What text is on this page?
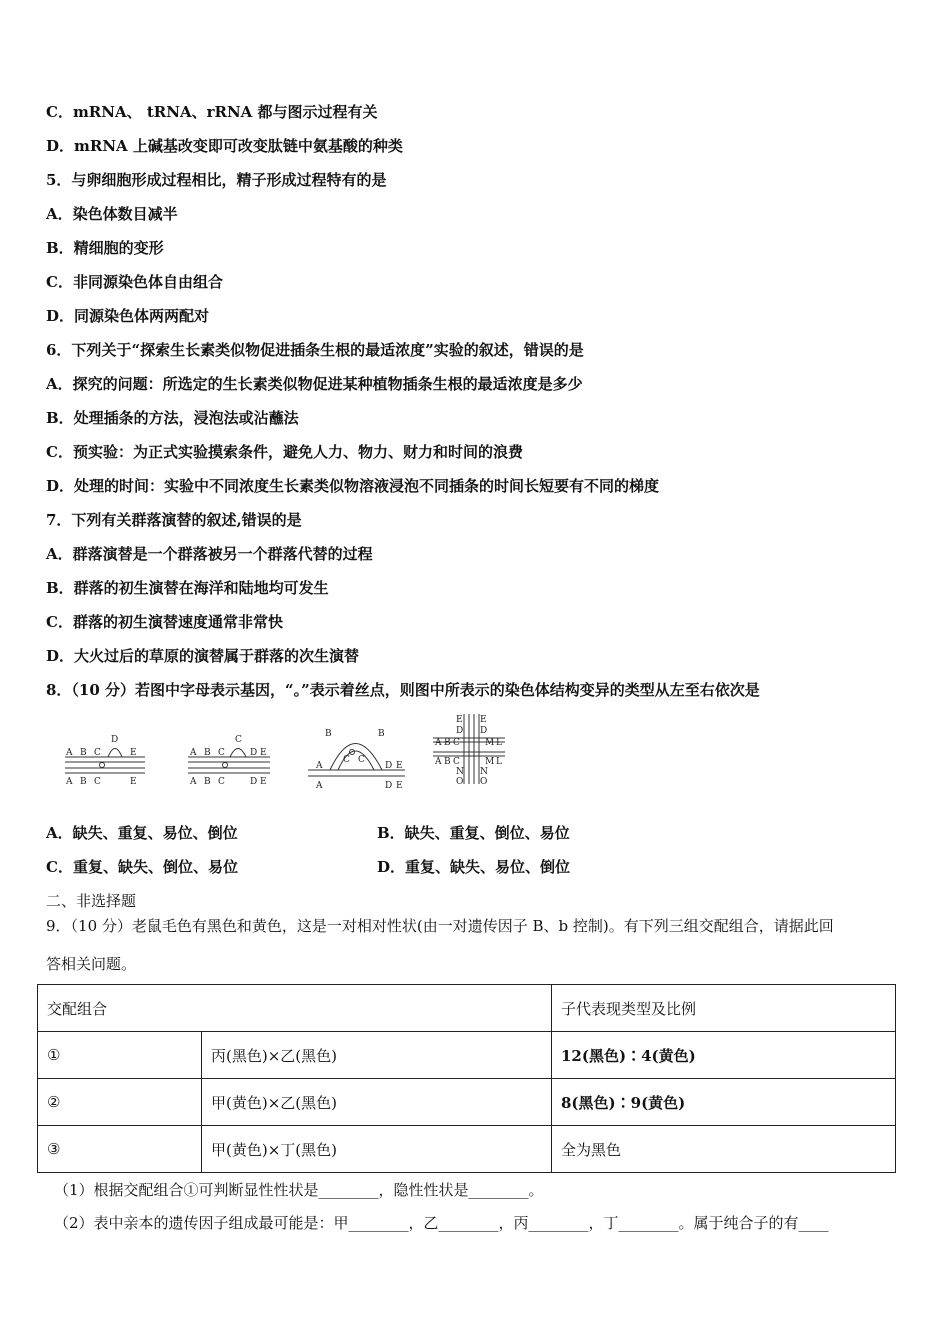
C．mRNA、 tRNA、rRNA 都与图示过程有关
D．mRNA 上碱基改变即可改变肽链中氨基酸的种类
5．与卵细胞形成过程相比，精子形成过程特有的是
A．染色体数目减半
B．精细胞的变形
C．非同源染色体自由组合
D．同源染色体两两配对
6．下列关于“探索生长素类似物促进插条生根的最适浓度”实验的叙述，错误的是
A．探究的问题：所选定的生长素类似物促进某种植物插条生根的最适浓度是多少
B．处理插条的方法，浸泡法或沾蘸法
C．预实验：为正式实验摸索条件，避免人力、物力、财力和时间的浪费
D．处理的时间：实验中不同浓度生长素类似物溶液浸泡不同插条的时间长短要有不同的梯度
7．下列有关群落演替的叙述,错误的是
A．群落演替是一个群落被另一个群落代替的过程
B．群落的初生演替在海洋和陆地均可发生
C．群落的初生演替速度通常非常快
D．大火过后的草原的演替属于群落的次生演替
8．（10 分）若图中字母表示基因，“。”表示着丝点，则图中所表示的染色体结构变异的类型从左至右依次是
A B C
D
E
A B C	E
A B C
C
D E
A B C	D E
A
B
C C
B
D E
A	D E
E E
D D
A B C	M L
A B C	M L
N N
O O
A．缺失、重复、易位、倒位	B．缺失、重复、倒位、易位
C．重复、缺失、倒位、易位	D．重复、缺失、易位、倒位
二、非选择题
9．（10 分）老鼠毛色有黑色和黄色，这是一对相对性状(由一对遗传因子 B、b 控制)。有下列三组交配组合，请据此回
答相关问题。
交配组合		子代表现类型及比例
①	丙(黑色)×乙(黑色)	12(黑色)∶4(黄色)
②	甲(黄色)×乙(黑色)	8(黑色)∶9(黄色)
③	甲(黄色)×丁(黑色)	全为黑色
（1）根据交配组合①可判断显性性状是________，隐性性状是________。
（2）表中亲本的遗传因子组成最可能是：甲________，乙________，丙________，丁________。属于纯合子的有____
